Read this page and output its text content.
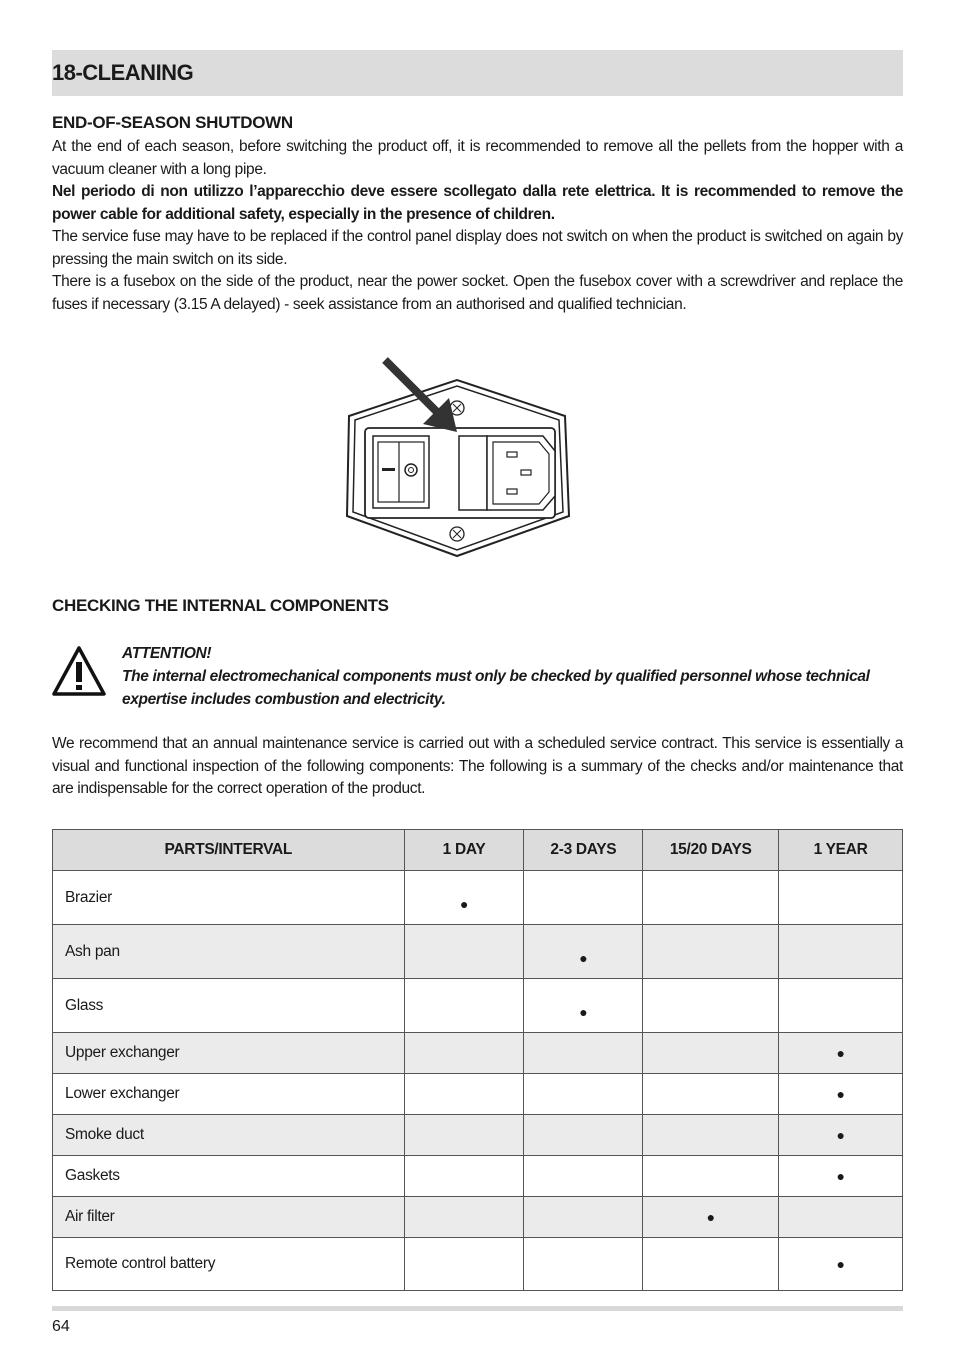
18-CLEANING
END-OF-SEASON SHUTDOWN

At the end of each season, before switching the product off, it is recommended to remove all the pellets from the hopper with a vacuum cleaner with a long pipe.

Nel periodo di non utilizzo l’apparecchio deve essere scollegato dalla rete elettrica. It is recommended to remove the power cable for additional safety, especially in the presence of children.

The service fuse may have to be replaced if the control panel display does not switch on when the product is switched on again by pressing the main switch on its side.

There is a fusebox on the side of the product, near the power socket. Open the fusebox cover with a screwdriver and replace the fuses if necessary (3.15 A delayed) - seek assistance from an authorised and qualified technician.

CHECKING THE INTERNAL COMPONENTS
ATTENTION!
The internal electromechanical components must only be checked by qualified personnel whose technical expertise includes combustion and electricity.

We recommend that an annual maintenance service is carried out with a scheduled service contract. This service is essentially a visual and functional inspection of the following components: The following is a summary of the checks and/or maintenance that are indispensable for the correct operation of the product.

PARTS/INTERVAL	1 DAY	2-3 DAYS	15/20 DAYS	1 YEAR
Brazier	●			
Ash pan		●		
Glass		●		
Upper exchanger				●
Lower exchanger				●
Smoke duct				●
Gaskets				●
Air filter			●	
Remote control battery				●
64
